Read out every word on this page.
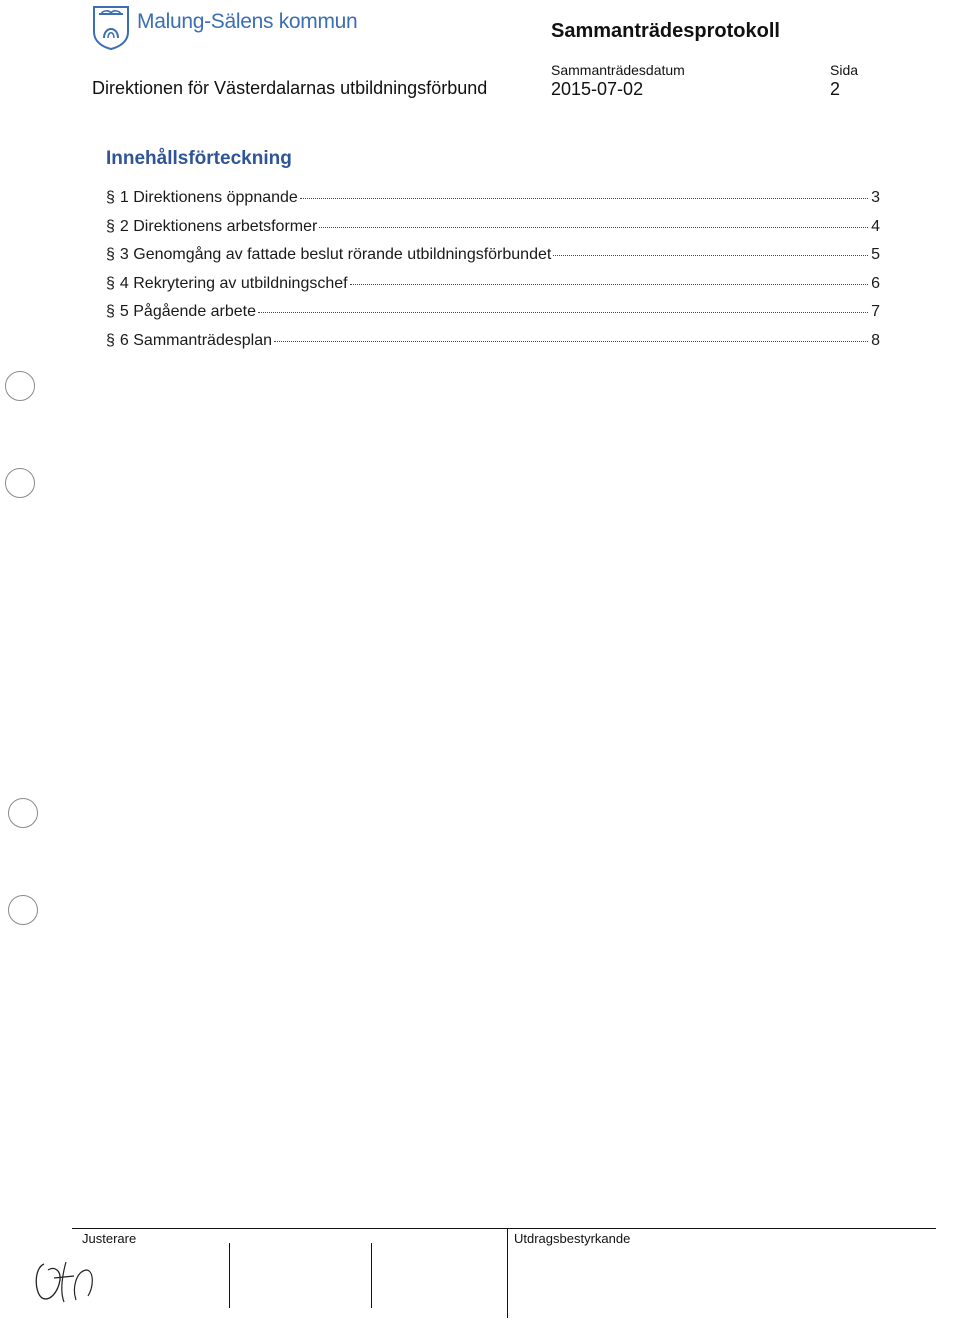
Malung-Sälens kommun	Sammanträdesprotokoll
Direktionen för Västerdalarnas utbildningsförbund
Sammanträdesdatum
2015-07-02
Sida
2
Innehållsförteckning
§ 1 Direktionens öppnande	3
§ 2 Direktionens arbetsformer	4
§ 3 Genomgång av fattade beslut rörande utbildningsförbundet	5
§ 4 Rekrytering av utbildningschef	6
§ 5 Pågående arbete	7
§ 6 Sammanträdesplan	8
Justerare	Utdragsbestyrkande
